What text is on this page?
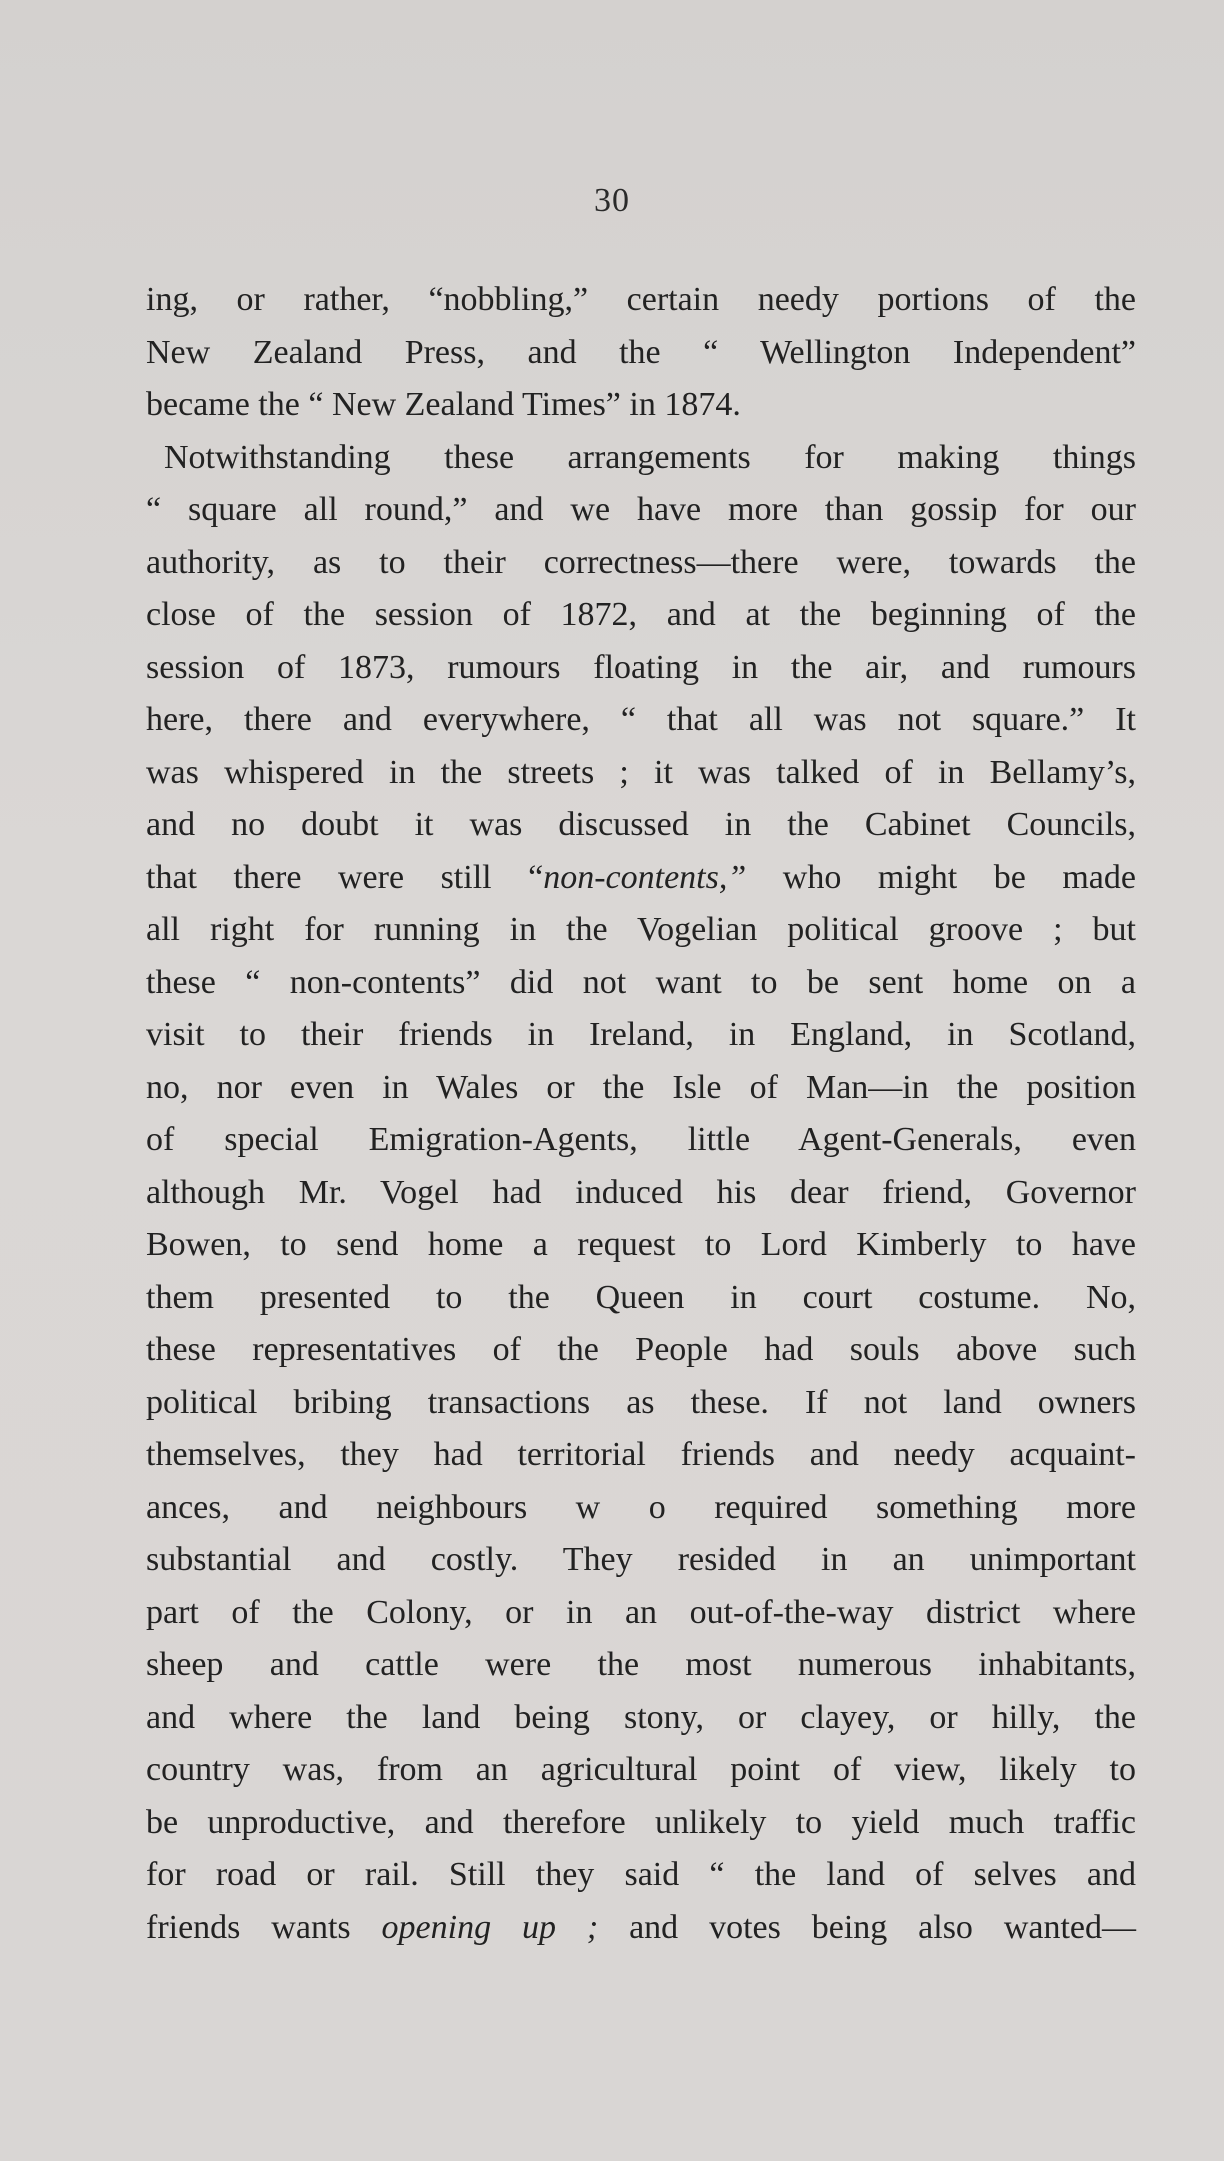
30
ing, or rather, “nobbling,” certain needy portions of the
New Zealand Press, and the “ Wellington Independent”
became the “ New Zealand Times” in 1874.
Notwithstanding these arrangements for making things
“ square all round,” and we have more than gossip for our
authority, as to their correctness—there were, towards the
close of the session of 1872, and at the beginning of the
session of 1873, rumours floating in the air, and rumours
here, there and everywhere, “ that all was not square.” It
was whispered in the streets ; it was talked of in Bellamy’s,
and no doubt it was discussed in the Cabinet Councils,
that there were still “non-contents,” who might be made
all right for running in the Vogelian political groove ; but
these “ non-contents” did not want to be sent home on a
visit to their friends in Ireland, in England, in Scotland,
no, nor even in Wales or the Isle of Man—in the position
of special Emigration-Agents, little Agent-Generals, even
although Mr. Vogel had induced his dear friend, Governor
Bowen, to send home a request to Lord Kimberly to have
them presented to the Queen in court costume. No,
these representatives of the People had souls above such
political bribing transactions as these. If not land owners
themselves, they had territorial friends and needy acquaint-
ances, and neighbours w o required something more
substantial and costly. They resided in an unimportant
part of the Colony, or in an out-of-the-way district where
sheep and cattle were the most numerous inhabitants,
and where the land being stony, or clayey, or hilly, the
country was, from an agricultural point of view, likely to
be unproductive, and therefore unlikely to yield much traffic
for road or rail. Still they said “ the land of selves and
friends wants opening up ; and votes being also wanted—
